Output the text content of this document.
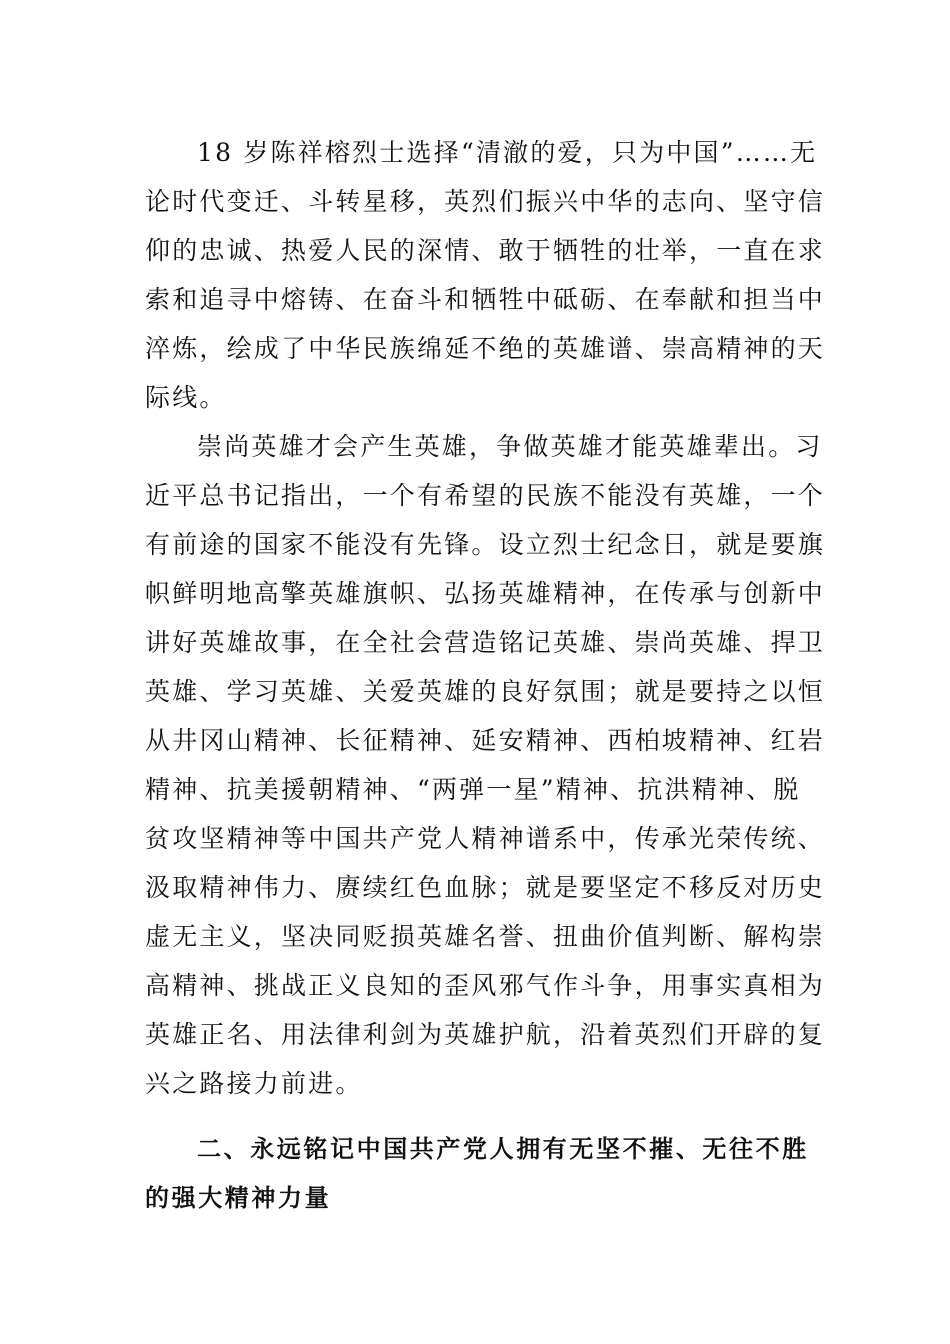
18 岁陈祥榕烈士选择“清澈的爱，只为中国”……无
论时代变迁、斗转星移，英烈们振兴中华的志向、坚守信
仰的忠诚、热爱人民的深情、敢于牺牲的壮举，一直在求
索和追寻中熔铸、在奋斗和牺牲中砥砺、在奉献和担当中
淬炼，绘成了中华民族绵延不绝的英雄谱、崇高精神的天
际线。
崇尚英雄才会产生英雄，争做英雄才能英雄辈出。习
近平总书记指出，一个有希望的民族不能没有英雄，一个
有前途的国家不能没有先锋。设立烈士纪念日，就是要旗
帜鲜明地高擎英雄旗帜、弘扬英雄精神，在传承与创新中
讲好英雄故事，在全社会营造铭记英雄、崇尚英雄、捍卫
英雄、学习英雄、关爱英雄的良好氛围；就是要持之以恒
从井冈山精神、长征精神、延安精神、西柏坡精神、红岩
精神、抗美援朝精神、“两弹一星”精神、抗洪精神、脱
贫攻坚精神等中国共产党人精神谱系中，传承光荣传统、
汲取精神伟力、赓续红色血脉；就是要坚定不移反对历史
虚无主义，坚决同贬损英雄名誉、扭曲价值判断、解构崇
高精神、挑战正义良知的歪风邪气作斗争，用事实真相为
英雄正名、用法律利剑为英雄护航，沿着英烈们开辟的复
兴之路接力前进。
二、永远铭记中国共产党人拥有无坚不摧、无往不胜
的强大精神力量
